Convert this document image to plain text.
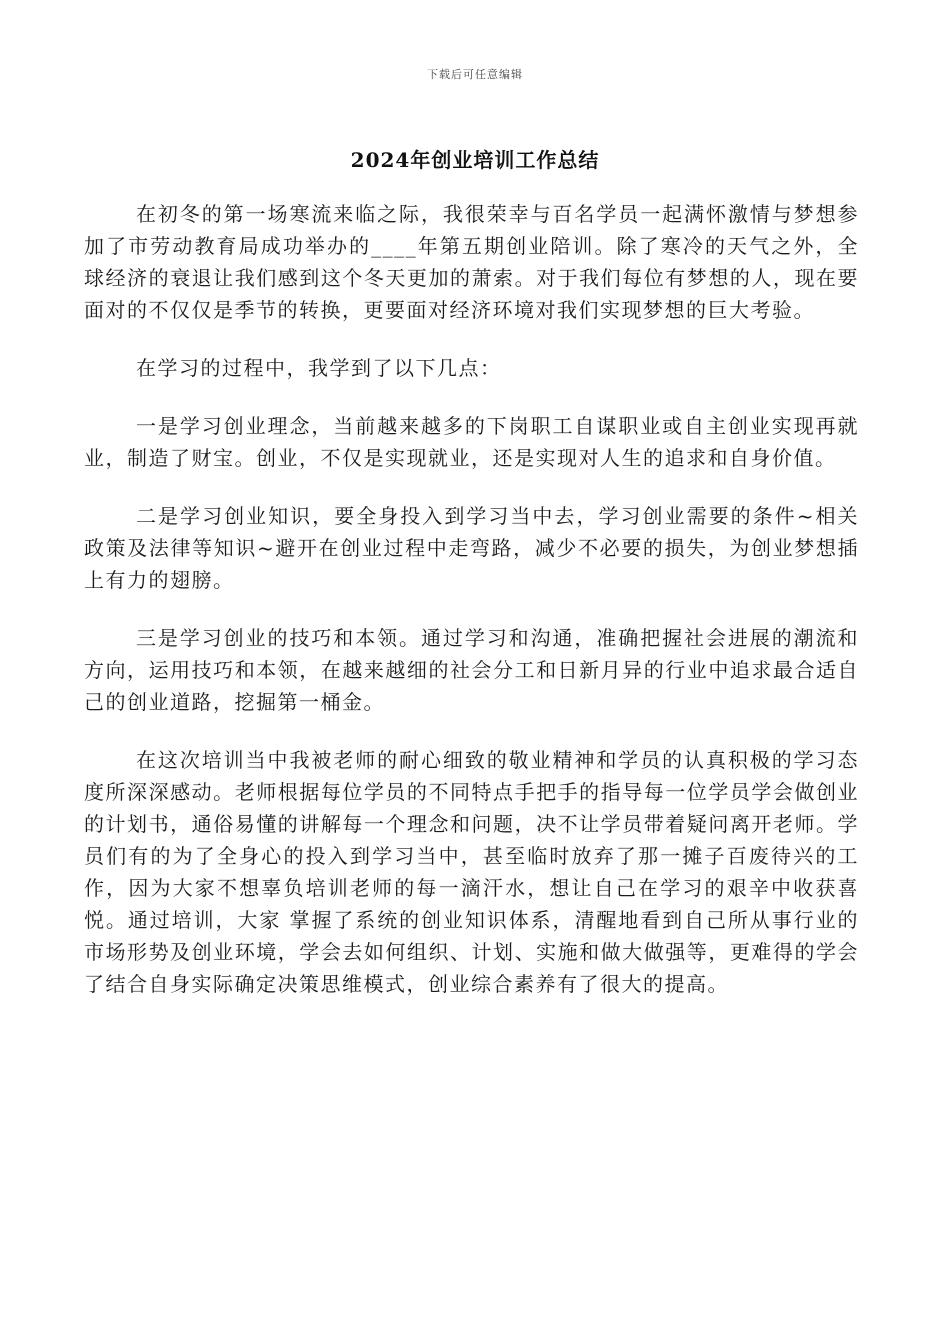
下载后可任意编辑
2024年创业培训工作总结

在初冬的第一场寒流来临之际，我很荣幸与百名学员一起满怀激情与梦想参加了市劳动教育局成功举办的____年第五期创业陪训。除了寒冷的天气之外，全球经济的衰退让我们感到这个冬天更加的萧索。对于我们每位有梦想的人，现在要面对的不仅仅是季节的转换，更要面对经济环境对我们实现梦想的巨大考验。

在学习的过程中，我学到了以下几点：

一是学习创业理念，当前越来越多的下岗职工自谋职业或自主创业实现再就业，制造了财宝。创业，不仅是实现就业，还是实现对人生的追求和自身价值。

二是学习创业知识，要全身投入到学习当中去，学习创业需要的条件~相关政策及法律等知识~避开在创业过程中走弯路，减少不必要的损失，为创业梦想插上有力的翅膀。

三是学习创业的技巧和本领。通过学习和沟通，准确把握社会进展的潮流和方向，运用技巧和本领，在越来越细的社会分工和日新月异的行业中追求最合适自己的创业道路，挖掘第一桶金。

在这次培训当中我被老师的耐心细致的敬业精神和学员的认真积极的学习态度所深深感动。老师根据每位学员的不同特点手把手的指导每一位学员学会做创业的计划书，通俗易懂的讲解每一个理念和问题，决不让学员带着疑问离开老师。学员们有的为了全身心的投入到学习当中，甚至临时放弃了那一摊子百废待兴的工作，因为大家不想辜负培训老师的每一滴汗水，想让自己在学习的艰辛中收获喜悦。通过培训，大家 掌握了系统的创业知识体系，清醒地看到自己所从事行业的市场形势及创业环境，学会去如何组织、计划、实施和做大做强等，更难得的学会了结合自身实际确定决策思维模式，创业综合素养有了很大的提高。
